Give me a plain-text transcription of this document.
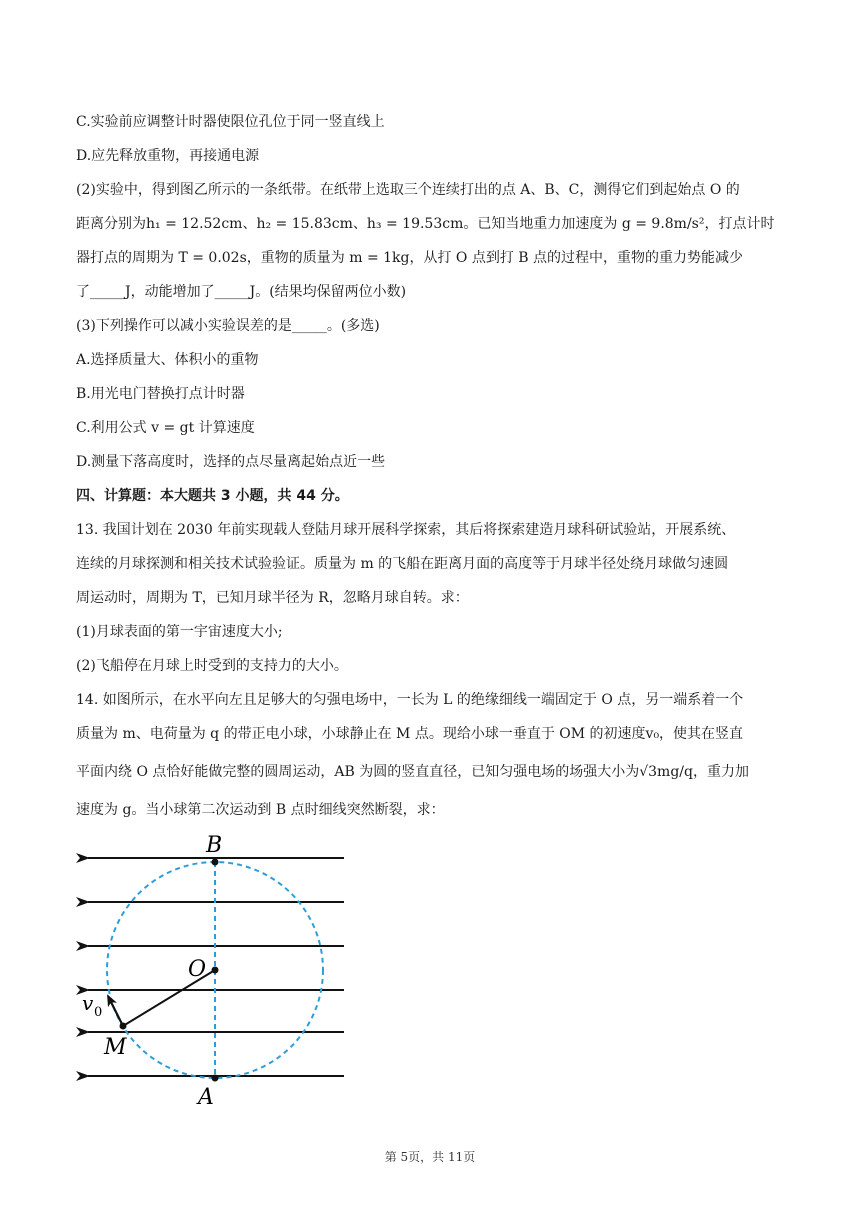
C.实验前应调整计时器使限位孔位于同一竖直线上
D.应先释放重物，再接通电源
(2)实验中，得到图乙所示的一条纸带。在纸带上选取三个连续打出的点 A、B、C，测得它们到起始点 O 的
距离分别为h₁ = 12.52cm、h₂ = 15.83cm、h₃ = 19.53cm。已知当地重力加速度为 g = 9.8m/s²，打点计时
器打点的周期为 T = 0.02s，重物的质量为 m = 1kg，从打 O 点到打 B 点的过程中，重物的重力势能减少
了_____J，动能增加了_____J。(结果均保留两位小数)
(3)下列操作可以减小实验误差的是_____。(多选)
A.选择质量大、体积小的重物
B.用光电门替换打点计时器
C.利用公式 v = gt 计算速度
D.测量下落高度时，选择的点尽量离起始点近一些
四、计算题：本大题共 3 小题，共 44 分。
13. 我国计划在 2030 年前实现载人登陆月球开展科学探索，其后将探索建造月球科研试验站，开展系统、
连续的月球探测和相关技术试验验证。质量为 m 的飞船在距离月面的高度等于月球半径处绕月球做匀速圆
周运动时，周期为 T，已知月球半径为 R，忽略月球自转。求：
(1)月球表面的第一宇宙速度大小;
(2)飞船停在月球上时受到的支持力的大小。
14. 如图所示，在水平向左且足够大的匀强电场中，一长为 L 的绝缘细线一端固定于 O 点，另一端系着一个
质量为 m、电荷量为 q 的带正电小球，小球静止在 M 点。现给小球一垂直于 OM 的初速度v₀，使其在竖直
平面内绕 O 点恰好能做完整的圆周运动，AB 为圆的竖直直径，已知匀强电场的场强大小为√3mg/q，重力加
速度为 g。当小球第二次运动到 B 点时细线突然断裂，求：
B
O
M
A
v 0
第 5页，共 11页
